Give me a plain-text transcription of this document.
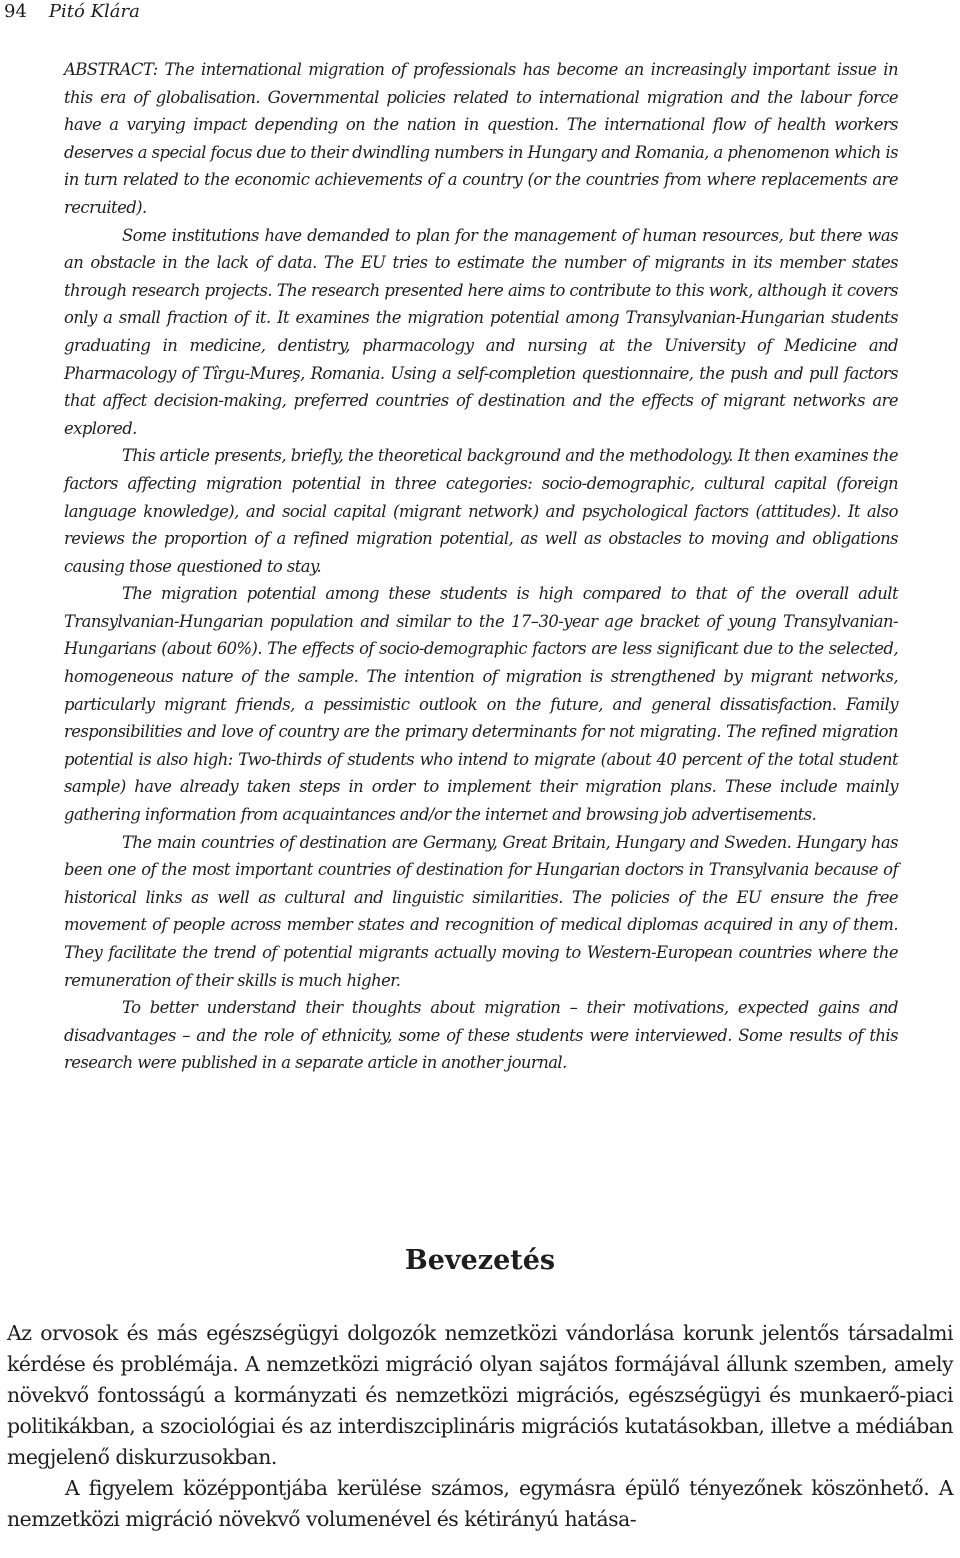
94 Pitó Klára

ABSTRACT: The international migration of professionals has become an increasingly important issue in this era of globalisation. Governmental policies related to international migration and the labour force have a varying impact depending on the nation in question. The international flow of health workers deserves a special focus due to their dwindling numbers in Hungary and Romania, a phenomenon which is in turn related to the economic achievements of a country (or the countries from where replacements are recruited).

Some institutions have demanded to plan for the management of human resources, but there was an obstacle in the lack of data. The EU tries to estimate the number of migrants in its member states through research projects. The research presented here aims to contribute to this work, although it covers only a small fraction of it. It examines the migration potential among Transylvanian-Hungarian students graduating in medicine, dentistry, pharmacology and nursing at the University of Medicine and Pharmacology of Tîrgu-Mureş, Romania. Using a self-completion questionnaire, the push and pull factors that affect decision-making, preferred countries of destination and the effects of migrant networks are explored.

This article presents, briefly, the theoretical background and the methodology. It then examines the factors affecting migration potential in three categories: socio-demographic, cultural capital (foreign language knowledge), and social capital (migrant network) and psychological factors (attitudes). It also reviews the proportion of a refined migration potential, as well as obstacles to moving and obligations causing those questioned to stay.

The migration potential among these students is high compared to that of the overall adult Transylvanian-Hungarian population and similar to the 17–30-year age bracket of young Transylvanian-Hungarians (about 60%). The effects of socio-demographic factors are less significant due to the selected, homogeneous nature of the sample. The intention of migration is strengthened by migrant networks, particularly migrant friends, a pessimistic outlook on the future, and general dissatisfaction. Family responsibilities and love of country are the primary determinants for not migrating. The refined migration potential is also high: Two-thirds of students who intend to migrate (about 40 percent of the total student sample) have already taken steps in order to implement their migration plans. These include mainly gathering information from acquaintances and/or the internet and browsing job advertisements.

The main countries of destination are Germany, Great Britain, Hungary and Sweden. Hungary has been one of the most important countries of destination for Hungarian doctors in Transylvania because of historical links as well as cultural and linguistic similarities. The policies of the EU ensure the free movement of people across member states and recognition of medical diplomas acquired in any of them. They facilitate the trend of potential migrants actually moving to Western-European countries where the remuneration of their skills is much higher.

To better understand their thoughts about migration – their motivations, expected gains and disadvantages – and the role of ethnicity, some of these students were interviewed. Some results of this research were published in a separate article in another journal.

Bevezetés

Az orvosok és más egészségügyi dolgozók nemzetközi vándorlása korunk jelentős társadalmi kérdése és problémája. A nemzetközi migráció olyan sajátos formájával állunk szemben, amely növekvő fontosságú a kormányzati és nemzetközi migrációs, egészségügyi és munkaerő-piaci politikákban, a szociológiai és az interdiszciplináris migrációs kutatásokban, illetve a médiában megjelenő diskurzusokban.

A figyelem középpontjába kerülése számos, egymásra épülő tényezőnek köszönhető. A nemzetközi migráció növekvő volumenével és kétirányú hatása-
